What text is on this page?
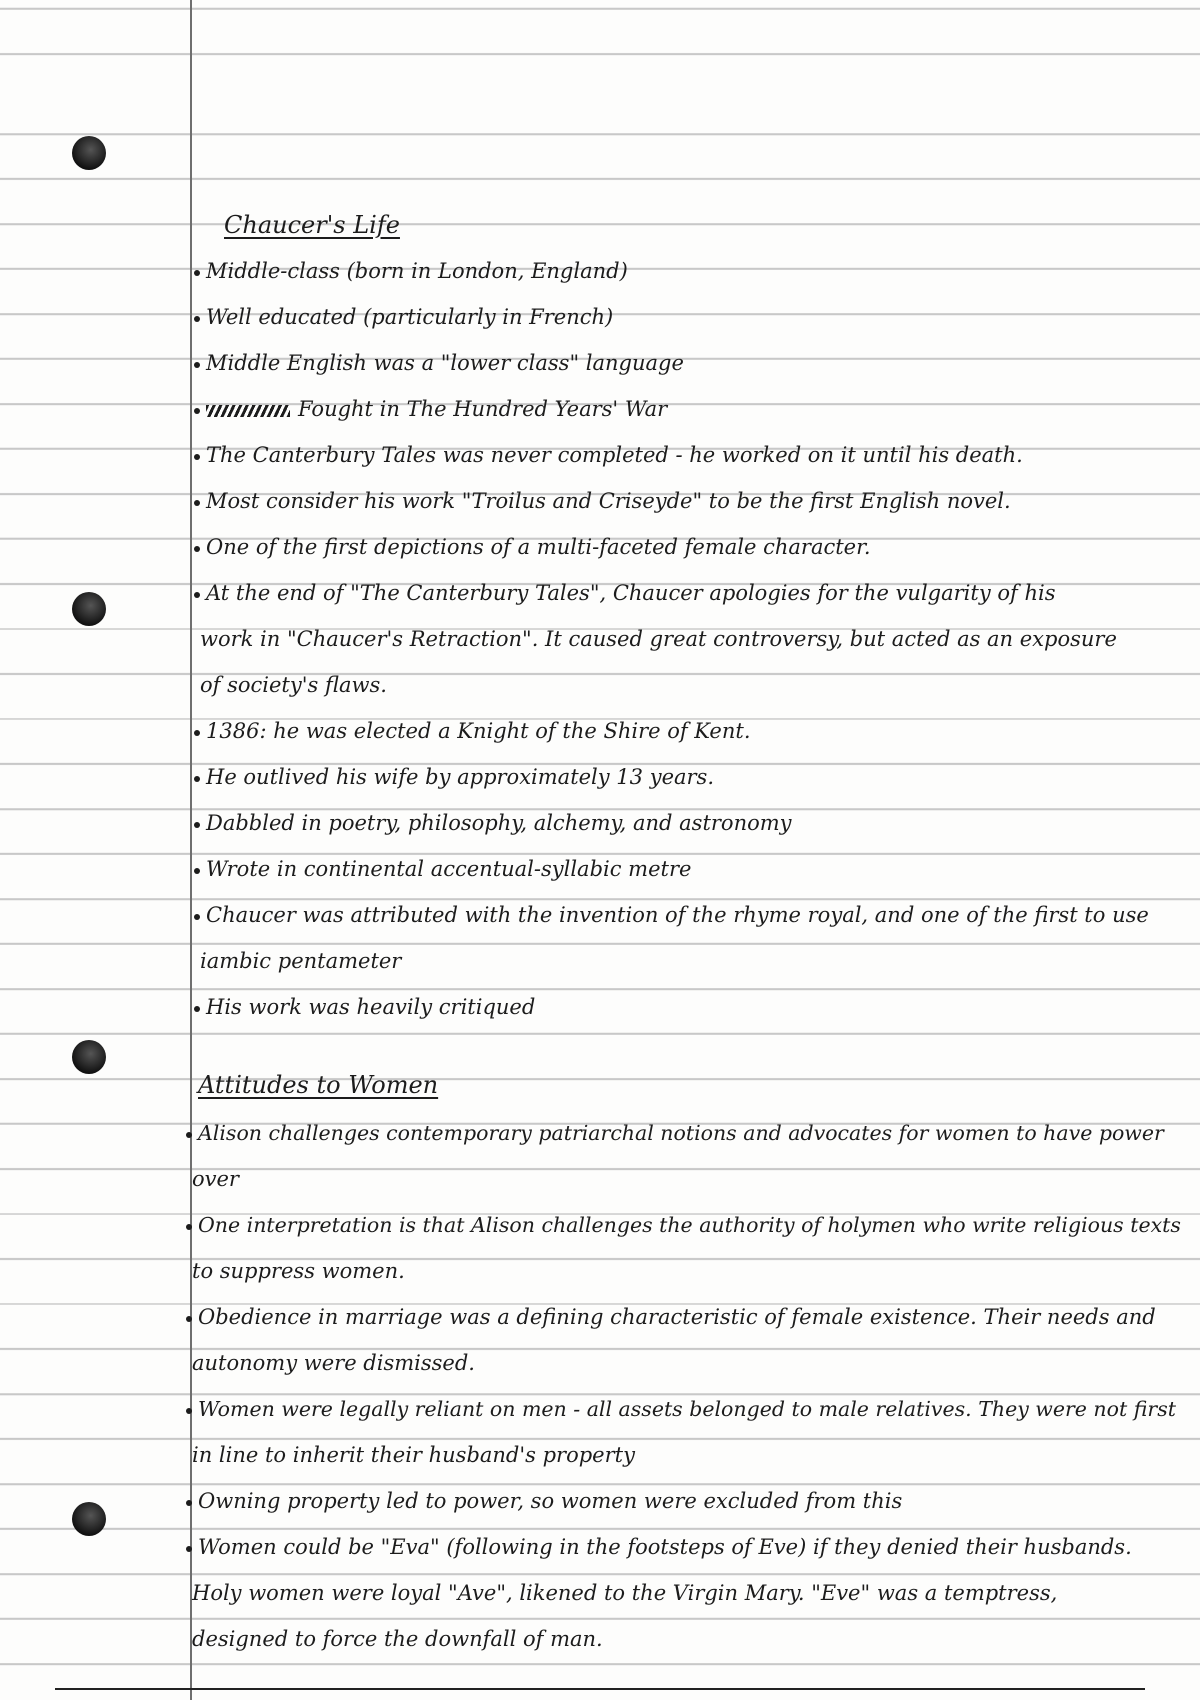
Chaucer's Life
Middle-class (born in London, England)
Well educated (particularly in French)
Middle English was a "lower class" language
Fought in The Hundred Years' War
The Canterbury Tales was never completed - he worked on it until his death.
Most consider his work "Troilus and Criseyde" to be the first English novel.
One of the first depictions of a multi-faceted female character.
At the end of "The Canterbury Tales", Chaucer apologies for the vulgarity of his
work in "Chaucer's Retraction". It caused great controversy, but acted as an exposure
of society's flaws.
1386: he was elected a Knight of the Shire of Kent.
He outlived his wife by approximately 13 years.
Dabbled in poetry, philosophy, alchemy, and astronomy
Wrote in continental accentual-syllabic metre
Chaucer was attributed with the invention of the rhyme royal, and one of the first to use
iambic pentameter
His work was heavily critiqued
Attitudes to Women
Alison challenges contemporary patriarchal notions and advocates for women to have power
over
One interpretation is that Alison challenges the authority of holymen who write religious texts
to suppress women.
Obedience in marriage was a defining characteristic of female existence. Their needs and
autonomy were dismissed.
Women were legally reliant on men - all assets belonged to male relatives. They were not first
in line to inherit their husband's property
Owning property led to power, so women were excluded from this
Women could be "Eva" (following in the footsteps of Eve) if they denied their husbands.
Holy women were loyal "Ave", likened to the Virgin Mary. "Eve" was a temptress,
designed to force the downfall of man.
